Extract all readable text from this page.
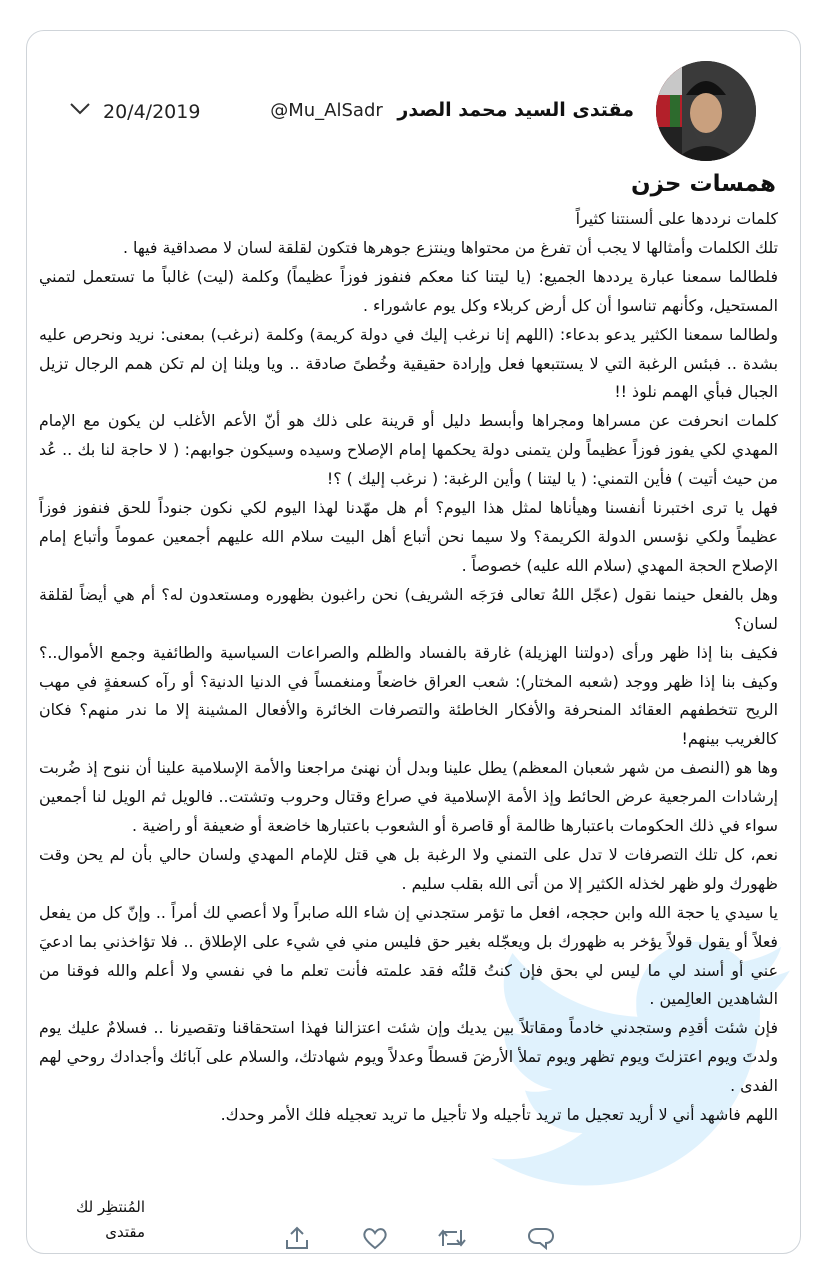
مقتدى السيد محمد الصدر @Mu_AlSadr
20/4/2019
همسات حزن

كلمات نرددها على ألسنتنا كثيراً

تلك الكلمات وأمثالها لا يجب أن تفرغ من محتواها وينتزع جوهرها فتكون لقلقة لسان لا مصداقية فيها .

فلطالما سمعنا عبارة يرددها الجميع: (يا ليتنا كنا معكم فنفوز فوزاً عظيماً) وكلمة (ليت) غالباً ما تستعمل لتمني المستحيل، وكأنهم تناسوا أن كل أرض كربلاء وكل يوم عاشوراء .

ولطالما سمعنا الكثير يدعو بدعاء: (اللهم إنا نرغب إليك في دولة كريمة) وكلمة (نرغب) بمعنى: نريد ونحرص عليه بشدة .. فبئس الرغبة التي لا يستتبعها فعل وإرادة حقيقية وخُطىً صادقة .. ويا ويلنا إن لم تكن همم الرجال تزيل الجبال فبأي الهمم نلوذ !!

كلمات انحرفت عن مسراها ومجراها وأبسط دليل أو قرينة على ذلك هو أنّ الأعم الأغلب لن يكون مع الإمام المهدي لكي يفوز فوزاً عظيماً ولن يتمنى دولة يحكمها إمام الإصلاح وسيده وسيكون جوابهم: ( لا حاجة لنا بك .. عُد من حيث أتيت ) فأين التمني: ( يا ليتنا ) وأين الرغبة: ( نرغب إليك ) ؟!

فهل يا ترى اختبرنا أنفسنا وهيأناها لمثل هذا اليوم؟ أم هل مهّدنا لهذا اليوم لكي نكون جنوداً للحق فنفوز فوزاً عظيماً ولكي نؤسس الدولة الكريمة؟ ولا سيما نحن أتباع أهل البيت سلام الله عليهم أجمعين عموماً وأتباع إمام الإصلاح الحجة المهدي (سلام الله عليه) خصوصاً .

وهل بالفعل حينما نقول (عجّل اللهُ تعالى فرَجَه الشريف) نحن راغبون بظهوره ومستعدون له؟ أم هي أيضاً لقلقة لسان؟

فكيف بنا إذا ظهر ورأى (دولتنا الهزيلة) غارقة بالفساد والظلم والصراعات السياسية والطائفية وجمع الأموال..؟ وكيف بنا إذا ظهر ووجد (شعبه المختار): شعب العراق خاضعاً ومنغمساً في الدنيا الدنية؟ أو رآه كسعفةٍ في مهب الريح تتخطفهم العقائد المنحرفة والأفكار الخاطئة والتصرفات الخائرة والأفعال المشينة إلا ما ندر منهم؟ فكان كالغريب بينهم!

وها هو (النصف من شهر شعبان المعظم) يطل علينا وبدل أن نهنئ مراجعنا والأمة الإسلامية علينا أن ننوح إذ ضُربت إرشادات المرجعية عرض الحائط وإذ الأمة الإسلامية في صراع وقتال وحروب وتشتت.. فالويل ثم الويل لنا أجمعين سواء في ذلك الحكومات باعتبارها ظالمة أو قاصرة أو الشعوب باعتبارها خاضعة أو ضعيفة أو راضية .

نعم، كل تلك التصرفات لا تدل على التمني ولا الرغبة بل هي قتل للإمام المهدي ولسان حالي بأن لم يحن وقت ظهورك ولو ظهر لخذله الكثير إلا من أتى الله بقلب سليم .

يا سيدي يا حجة الله وابن حججه، افعل ما تؤمر ستجدني إن شاء الله صابراً ولا أعصي لك أمراً .. وإنّ كل من يفعل فعلاً أو يقول قولاً يؤخر به ظهورك بل ويعجّله بغير حق فليس مني في شيء على الإطلاق .. فلا تؤاخذني بما ادعيَ عني أو أسند لي ما ليس لي بحق فإن كنتُ قلتُه فقد علمته فأنت تعلم ما في نفسي ولا أعلم والله فوقنا من الشاهدين العالِمين .

فإن شئت أقدِم وستجدني خادماً ومقاتلاً بين يديك وإن شئت اعتزالنا فهذا استحقاقنا وتقصيرنا .. فسلامٌ عليك يوم ولدتَ ويوم اعتزلتَ ويوم تظهر ويوم تملأ الأرضَ قسطاً وعدلاً ويوم شهادتك، والسلام على آبائك وأجدادك روحي لهم الفدى .

اللهم فاشهد أني لا أريد تعجيل ما تريد تأجيله ولا تأجيل ما تريد تعجيله فلك الأمر وحدك.

المُنتظِر لك
مقتدى
